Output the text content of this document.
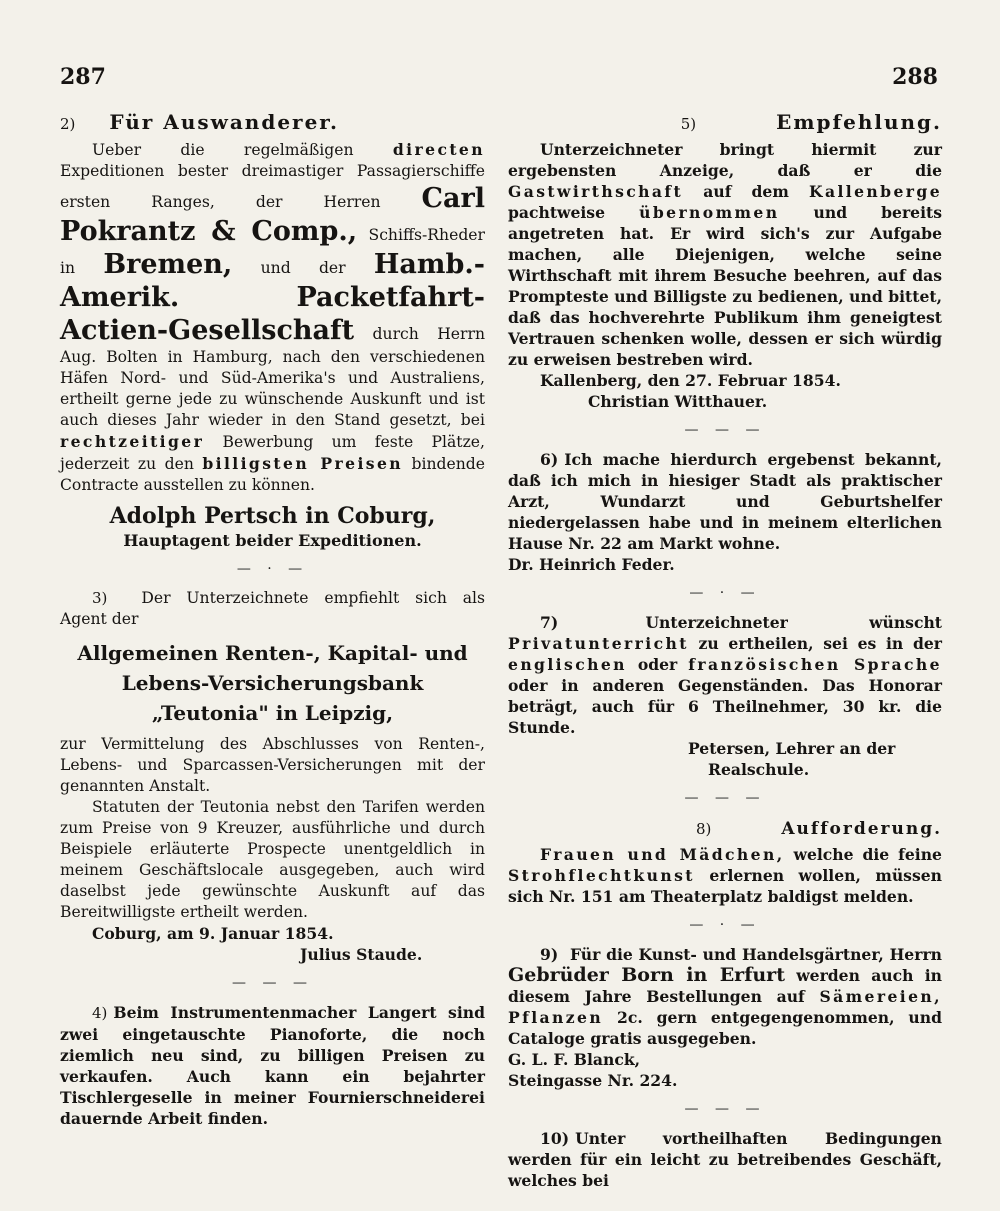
287	288
2) Für Auswanderer.

Ueber die regelmäßigen	directen Expeditionen bester dreimastiger Passagierschiffe ersten Ranges, der Herren Carl Pokrantz & Comp., Schiffs-Rheder in Bremen, und der Hamb.-Amerik. Packetfahrt-Actien-Gesellschaft durch Herrn Aug. Bolten in Hamburg, nach den verschiedenen Häfen Nord- und Süd-Amerika's und Australiens, ertheilt gerne jede zu wünschende Auskunft und ist auch dieses Jahr wieder in den Stand gesetzt, bei rechtzeitiger Bewerbung um feste Plätze, jederzeit zu den billigsten Preisen bindende Contracte ausstellen zu können.

Adolph Pertsch in Coburg,
Hauptagent beider Expeditionen.
— · —

3) Der Unterzeichnete empfiehlt sich als Agent der

Allgemeinen Renten-, Kapital- und Lebens-Versicherungsbank „Teutonia" in Leipzig,

zur Vermittelung des Abschlusses von Renten-, Lebens- und Sparcassen-Versicherungen mit der genannten Anstalt.

Statuten der Teutonia nebst den Tarifen werden zum Preise von 9 Kreuzer, ausführliche und durch Beispiele erläuterte Prospecte unentgeldlich in meinem Geschäftslocale ausgegeben, auch wird daselbst jede gewünschte Auskunft auf das Bereitwilligste ertheilt werden.

Coburg, am 9. Januar 1854.

Julius Staude.

— — —

4) Beim Instrumentenmacher Langert sind zwei eingetauschte Pianoforte, die noch ziemlich neu sind, zu billigen Preisen zu verkaufen. Auch kann ein bejahrter Tischlergeselle in meiner Fournierschneiderei dauernde Arbeit finden.

5)	Empfehlung.

Unterzeichneter bringt hiermit zur ergebensten Anzeige, daß er die Gastwirthschaft auf dem Kallenberge pachtweise übernommen und bereits angetreten hat. Er wird sich's zur Aufgabe machen, alle Diejenigen, welche seine Wirthschaft mit ihrem Besuche beehren, auf das Prompteste und Billigste zu bedienen, und bittet, daß das hochverehrte Publikum ihm geneigtest Vertrauen schenken wolle, dessen er sich würdig zu erweisen bestreben wird.

Kallenberg, den 27. Februar 1854.

Christian Witthauer.

— — —

6) Ich mache hierdurch ergebenst bekannt, daß ich mich in hiesiger Stadt als praktischer Arzt, Wundarzt und Geburtshelfer niedergelassen habe und in meinem elterlichen Hause Nr. 22 am Markt wohne.

Dr. Heinrich Feder.

— · —

7)	Unterzeichneter wünscht Privatunterricht zu ertheilen, sei es in der englischen oder französischen Sprache oder in anderen Gegenständen. Das Honorar beträgt, auch für 6 Theilnehmer, 30 kr. die Stunde.

Petersen, Lehrer an der

Realschule.

— — —
8)	Aufforderung.

Frauen und Mädchen, welche die feine Strohflechtkunst erlernen wollen, müssen sich Nr. 151 am Theaterplatz baldigst melden.

— · —

9) Für die Kunst- und Handelsgärtner, Herrn Gebrüder Born in Erfurt werden auch in diesem Jahre Bestellungen auf Sämereien, Pflanzen 2c. gern entgegengenommen, und Cataloge gratis ausgegeben.

G. L. F. Blanck,

Steingasse Nr. 224.

— — —

10) Unter vortheilhaften Bedingungen werden für ein leicht zu betreibendes Geschäft, welches bei
